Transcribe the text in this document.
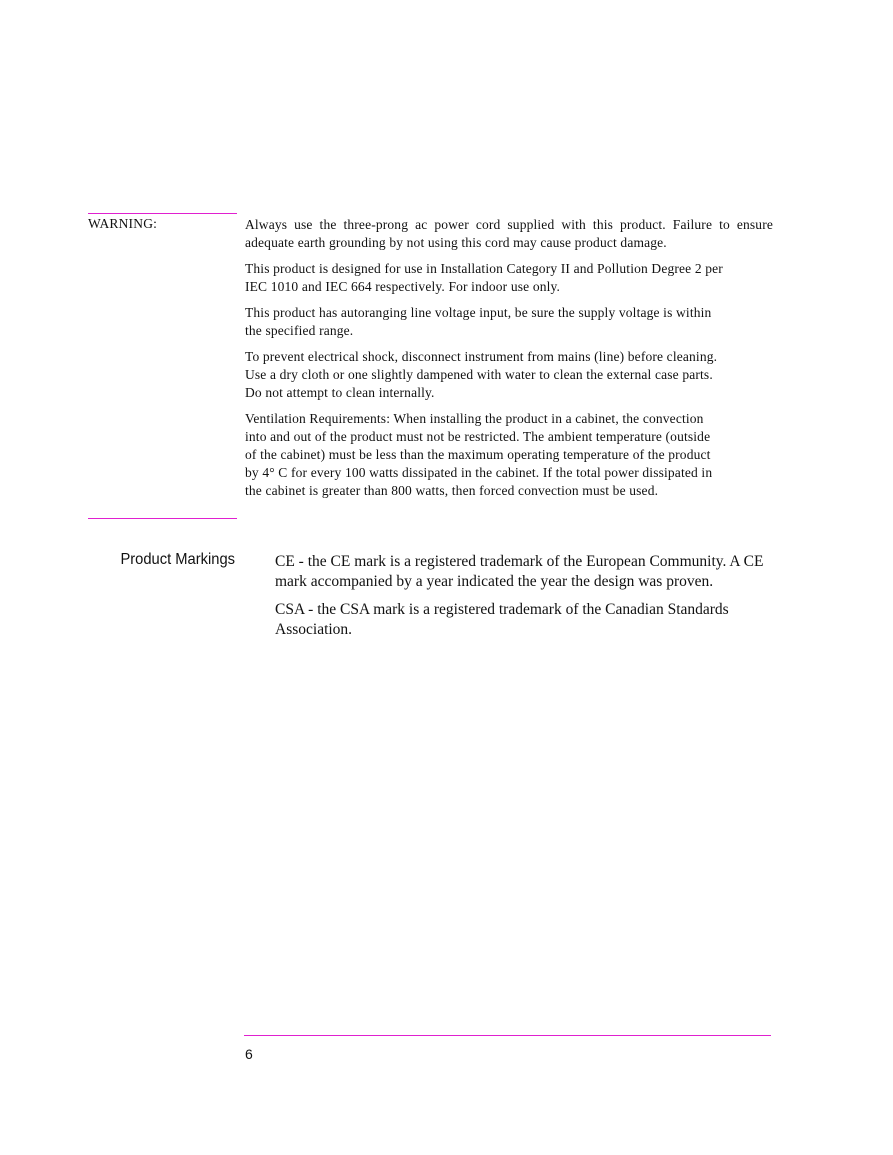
WARNING:	Always use the three-prong ac power cord supplied with this product. Failure to ensure adequate earth grounding by not using this cord may cause product damage.

This product is designed for use in Installation Category II and Pollution Degree 2 per IEC 1010 and IEC 664 respectively. For indoor use only.

This product has autoranging line voltage input, be sure the supply voltage is within the specified range.

To prevent electrical shock, disconnect instrument from mains (line) before cleaning. Use a dry cloth or one slightly dampened with water to clean the external case parts. Do not attempt to clean internally.

Ventilation Requirements: When installing the product in a cabinet, the convection into and out of the product must not be restricted. The ambient temperature (outside of the cabinet) must be less than the maximum operating temperature of the product by 4° C for every 100 watts dissipated in the cabinet. If the total power dissipated in the cabinet is greater than 800 watts, then forced convection must be used.

Product Markings	CE - the CE mark is a registered trademark of the European Community. A CE mark accompanied by a year indicated the year the design was proven.

CSA - the CSA mark is a registered trademark of the Canadian Standards Association.

6
